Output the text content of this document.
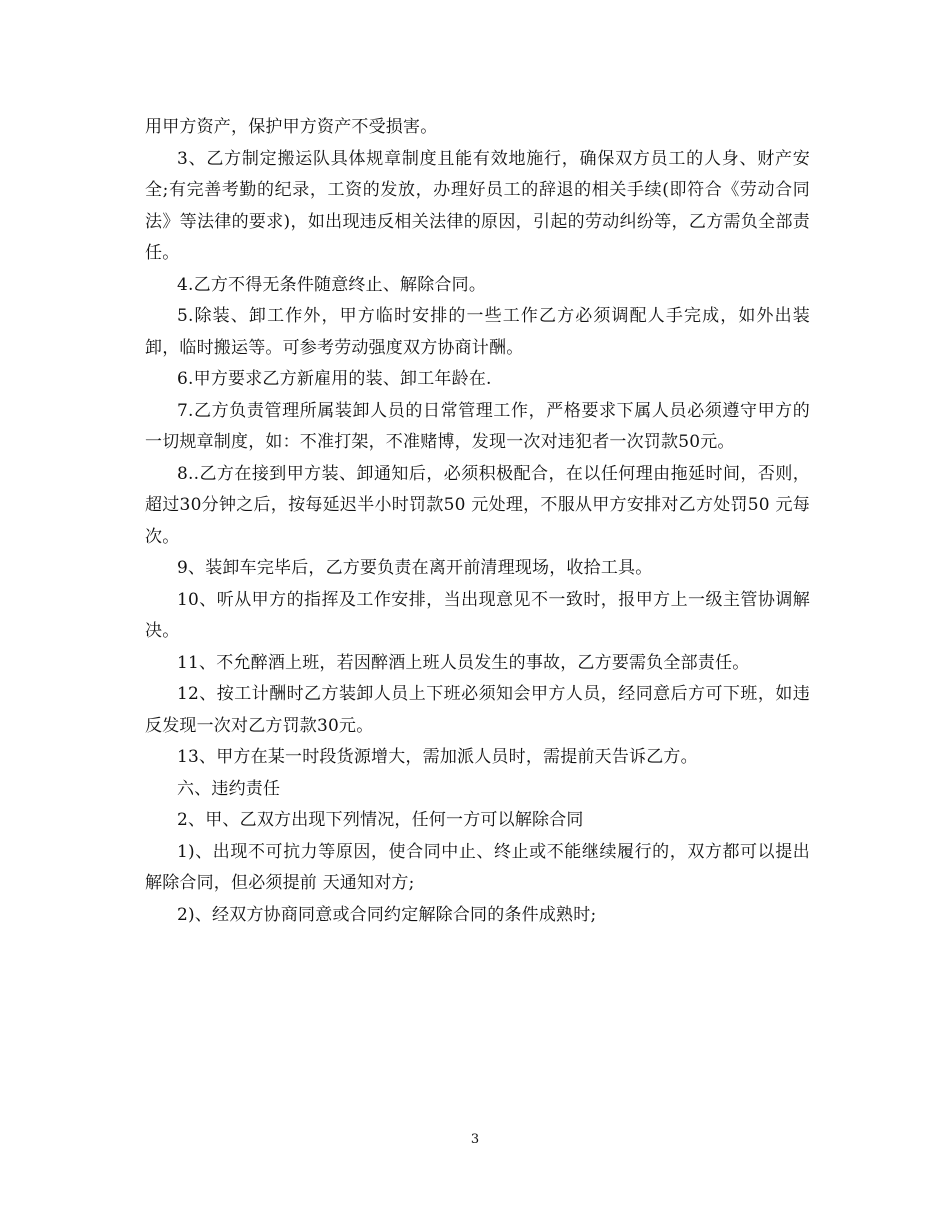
用甲方资产，保护甲方资产不受损害。

3、乙方制定搬运队具体规章制度且能有效地施行，确保双方员工的人身、财产安全;有完善考勤的纪录，工资的发放，办理好员工的辞退的相关手续(即符合《劳动合同法》等法律的要求)，如出现违反相关法律的原因，引起的劳动纠纷等，乙方需负全部责任。

4.乙方不得无条件随意终止、解除合同。

5.除装、卸工作外，甲方临时安排的一些工作乙方必须调配人手完成，如外出装卸，临时搬运等。可参考劳动强度双方协商计酬。

6.甲方要求乙方新雇用的装、卸工年龄在.

7.乙方负责管理所属装卸人员的日常管理工作，严格要求下属人员必须遵守甲方的一切规章制度，如：不准打架，不准赌博，发现一次对违犯者一次罚款50元。

8..乙方在接到甲方装、卸通知后，必须积极配合，在以任何理由拖延时间，否则，超过30分钟之后，按每延迟半小时罚款50 元处理，不服从甲方安排对乙方处罚50 元每次。

9、装卸车完毕后，乙方要负责在离开前清理现场，收拾工具。

10、听从甲方的指挥及工作安排，当出现意见不一致时，报甲方上一级主管协调解决。

11、不允醉酒上班，若因醉酒上班人员发生的事故，乙方要需负全部责任。

12、按工计酬时乙方装卸人员上下班必须知会甲方人员，经同意后方可下班，如违反发现一次对乙方罚款30元。

13、甲方在某一时段货源增大，需加派人员时，需提前天告诉乙方。

六、违约责任

2、甲、乙双方出现下列情况，任何一方可以解除合同

1)、出现不可抗力等原因，使合同中止、终止或不能继续履行的，双方都可以提出解除合同，但必须提前 天通知对方;

2)、经双方协商同意或合同约定解除合同的条件成熟时;

3
